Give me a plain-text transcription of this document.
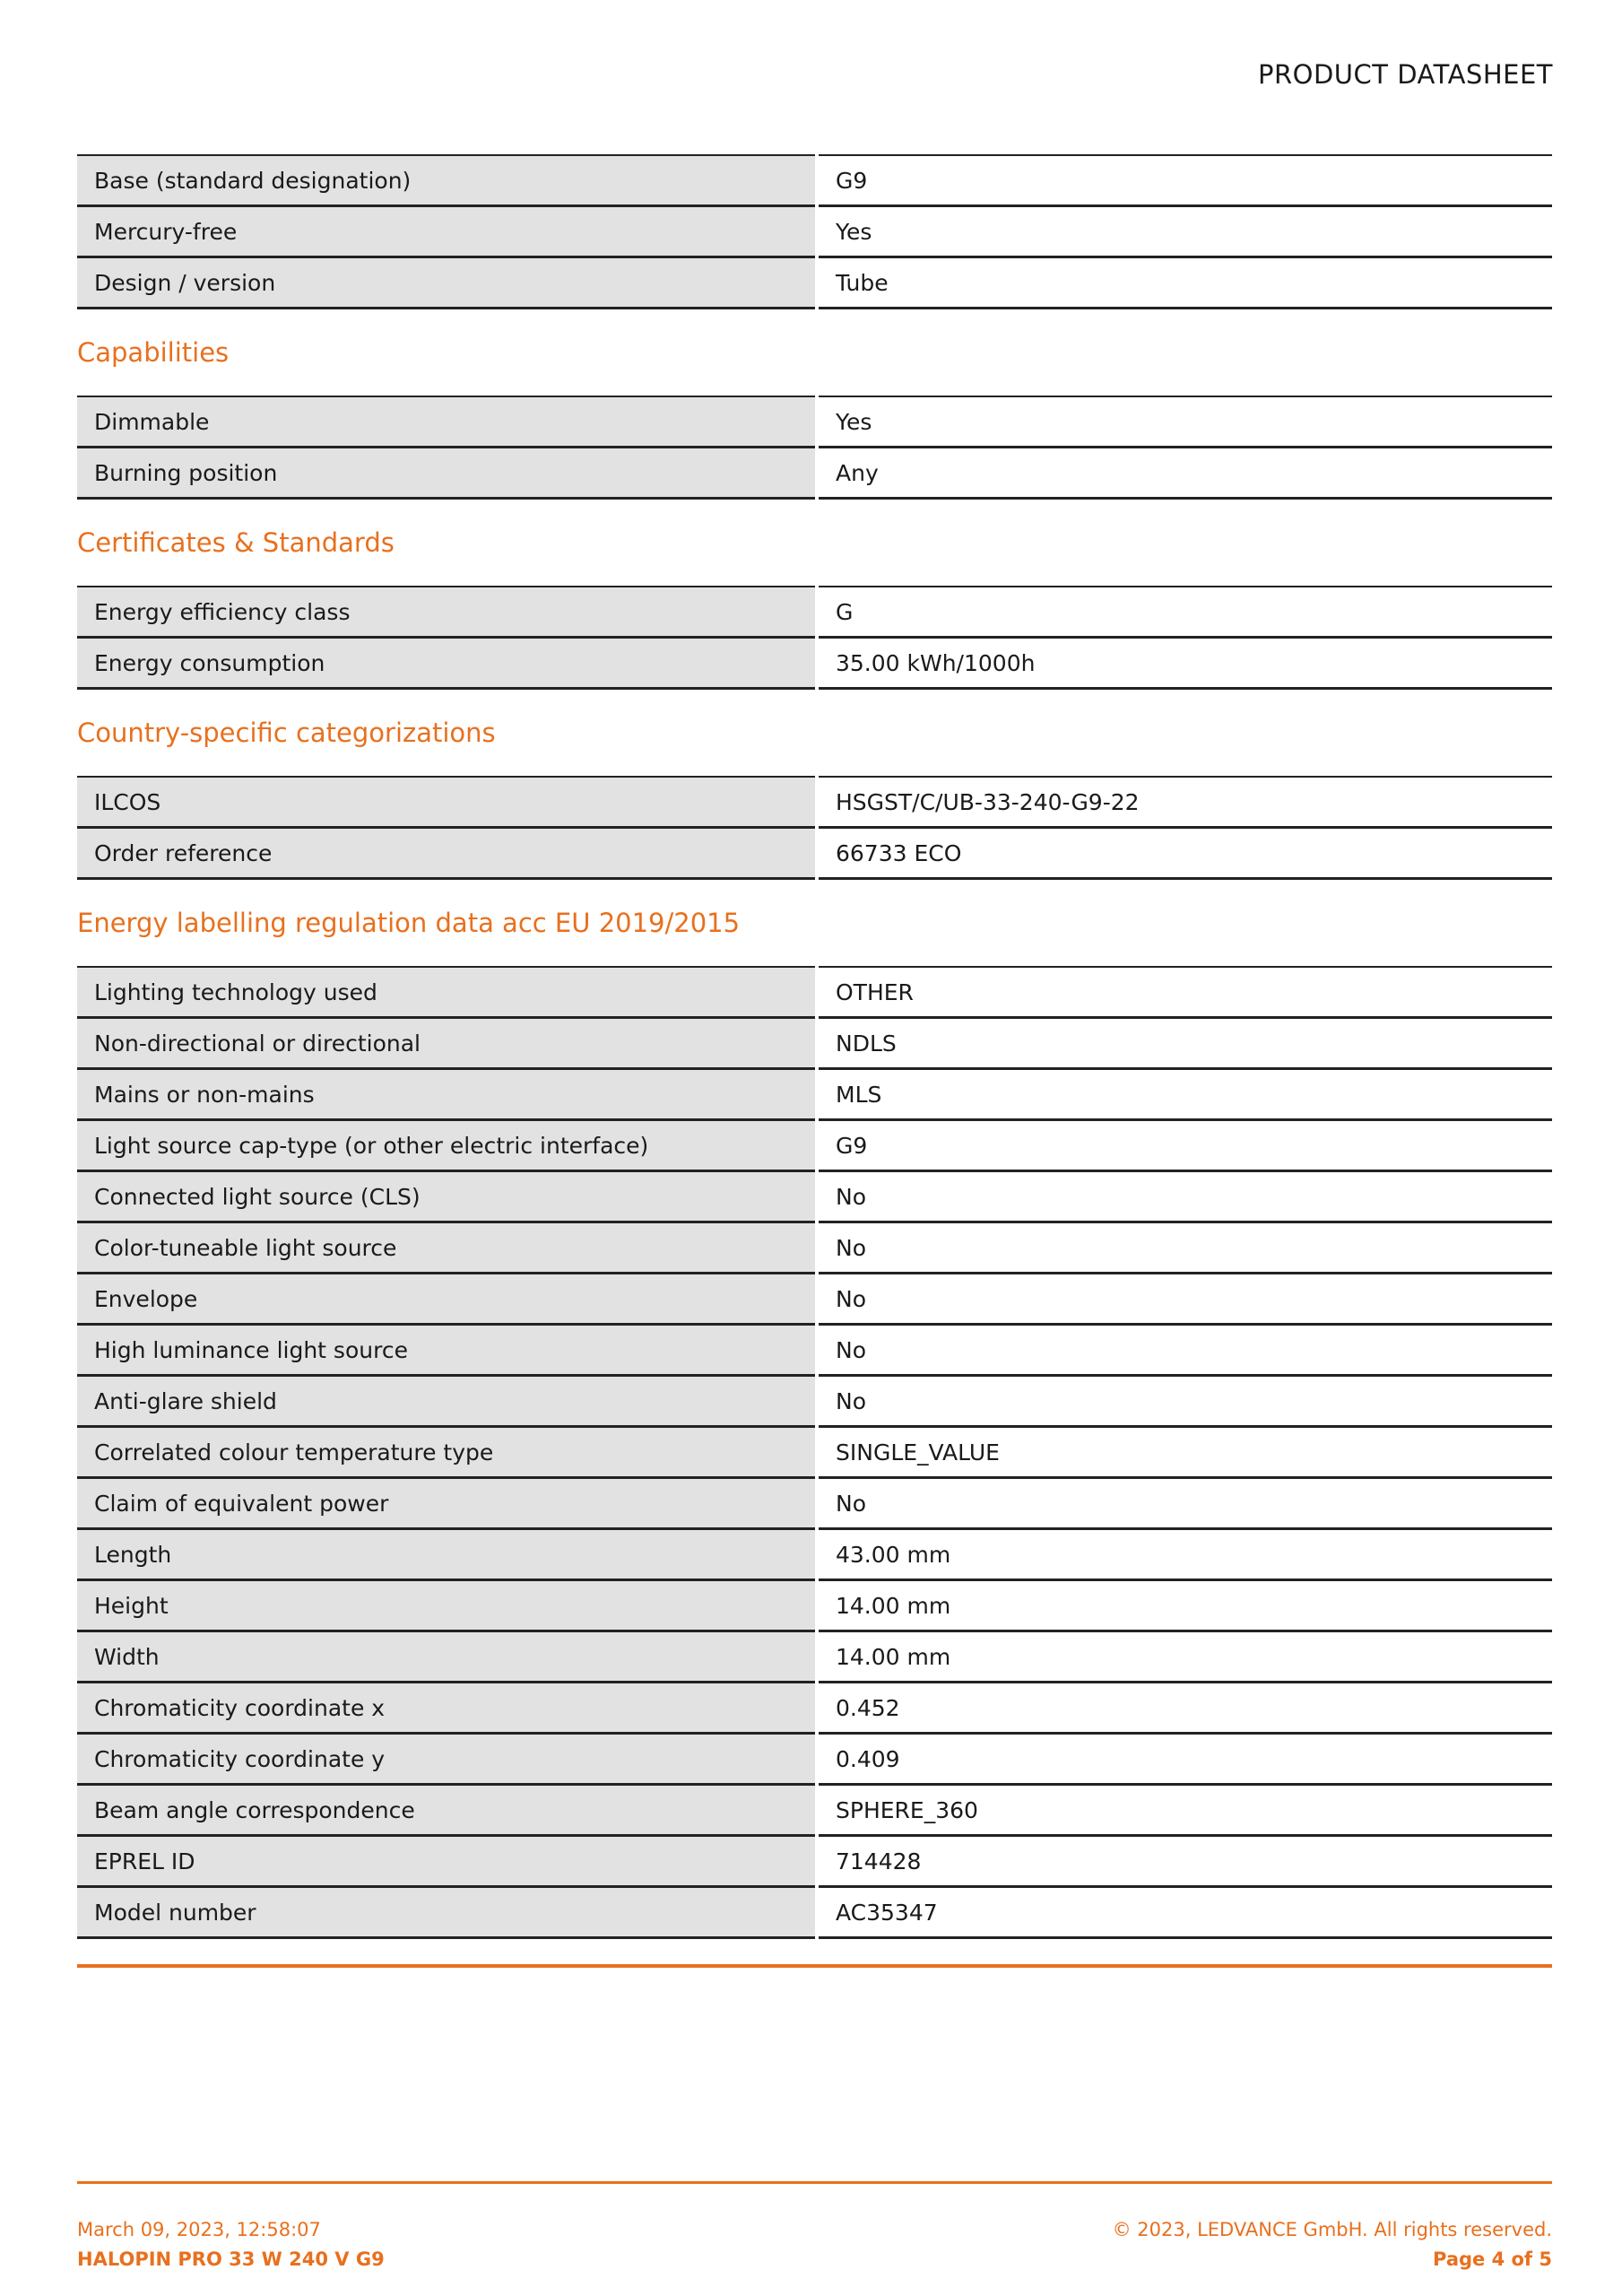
PRODUCT DATASHEET
Base (standard designation)	G9
Mercury-free	Yes
Design / version	Tube
Capabilities
Dimmable	Yes
Burning position	Any
Certificates & Standards
Energy efficiency class	G
Energy consumption	35.00 kWh/1000h
Country-specific categorizations
ILCOS	HSGST/C/UB-33-240-G9-22
Order reference	66733 ECO
Energy labelling regulation data acc EU 2019/2015
Lighting technology used	OTHER
Non-directional or directional	NDLS
Mains or non-mains	MLS
Light source cap-type (or other electric interface)	G9
Connected light source (CLS)	No
Color-tuneable light source	No
Envelope	No
High luminance light source	No
Anti-glare shield	No
Correlated colour temperature type	SINGLE_VALUE
Claim of equivalent power	No
Length	43.00 mm
Height	14.00 mm
Width	14.00 mm
Chromaticity coordinate x	0.452
Chromaticity coordinate y	0.409
Beam angle correspondence	SPHERE_360
EPREL ID	714428
Model number	AC35347
March 09, 2023, 12:58:07
HALOPIN PRO 33 W 240 V G9
© 2023, LEDVANCE GmbH. All rights reserved.
Page 4 of 5
